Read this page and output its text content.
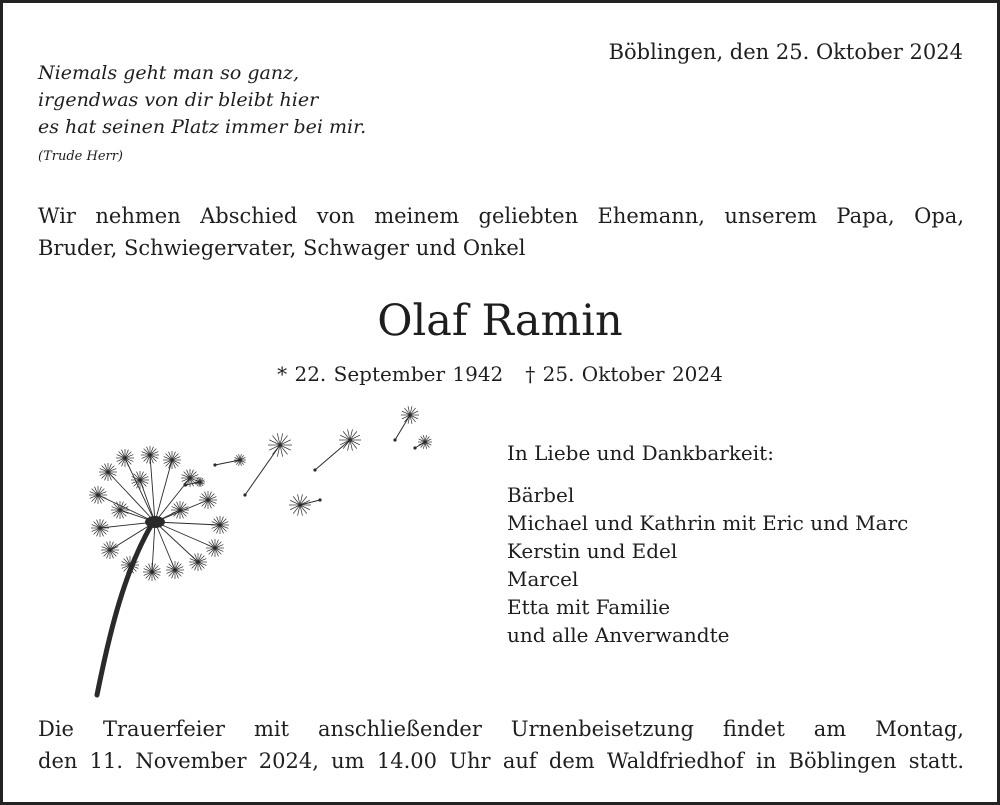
Niemals geht man so ganz,
irgendwas von dir bleibt hier
es hat seinen Platz immer bei mir.
(Trude Herr)
Böblingen, den 25. Oktober 2024
Wir nehmen Abschied von meinem geliebten Ehemann, unserem Papa, Opa,
Bruder, Schwiegervater, Schwager und Onkel
Olaf Ramin
* 22. September 1942 † 25. Oktober 2024
In Liebe und Dankbarkeit:
Bärbel
Michael und Kathrin mit Eric und Marc
Kerstin und Edel
Marcel
Etta mit Familie
und alle Anverwandte
Die Trauerfeier mit anschließender Urnenbeisetzung findet am Montag,
den 11. November 2024, um 14.00 Uhr auf dem Waldfriedhof in Böblingen statt.
